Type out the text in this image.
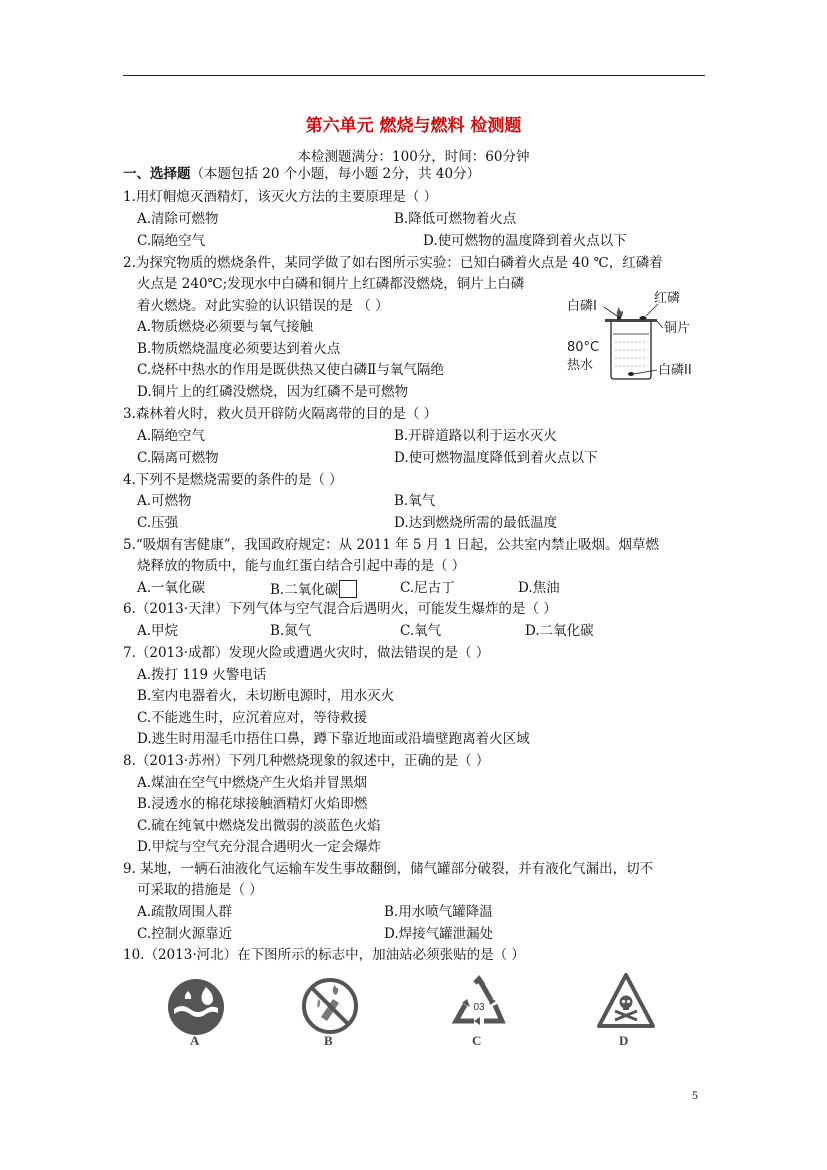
第六单元 燃烧与燃料 检测题
本检测题满分：100分，时间：60分钟
一、选择题（本题包括 20 个小题，每小题 2分，共 40分）
1.用灯帽熄灭酒精灯，该灭火方法的主要原理是（ ）
A.清除可燃物	B.降低可燃物着火点
C.隔绝空气	D.使可燃物的温度降到着火点以下
2.为探究物质的燃烧条件，某同学做了如右图所示实验：已知白磷着火点是 40 ℃，红磷着
火点是 240℃;发现水中白磷和铜片上红磷都没燃烧，铜片上白磷
着火燃烧。对此实验的认识错误的是 （ ）
A.物质燃烧必须要与氧气接触
B.物质燃烧温度必须要达到着火点
C.烧杯中热水的作用是既供热又使白磷Ⅱ与氧气隔绝
D.铜片上的红磷没燃烧，因为红磷不是可燃物
白磷Ⅰ
红磷
铜片
80°C
热水	白磷II
3.森林着火时，救火员开辟防火隔离带的目的是（ ）
A.隔绝空气	B.开辟道路以利于运水灭火
C.隔离可燃物	D.使可燃物温度降低到着火点以下
4.下列不是燃烧需要的条件的是（ ）
A.可燃物	B.氧气
C.压强	D.达到燃烧所需的最低温度
5.“吸烟有害健康”，我国政府规定：从 2011 年 5 月 1 日起，公共室内禁止吸烟。烟草燃
烧释放的物质中，能与血红蛋白结合引起中毒的是（ ）
A.一氧化碳	B.二氧化碳	C.尼古丁	D.焦油
6.（2013·天津）下列气体与空气混合后遇明火，可能发生爆炸的是（ ）
A.甲烷	B.氮气	C.氧气	D.二氧化碳
7.（2013·成都）发现火险或遭遇火灾时，做法错误的是（ ）
A.拨打 119 火警电话
B.室内电器着火，未切断电源时，用水灭火
C.不能逃生时，应沉着应对，等待救援
D.逃生时用湿毛巾捂住口鼻，蹲下靠近地面或沿墙壁跑离着火区域
8.（2013·苏州）下列几种燃烧现象的叙述中，正确的是（ ）
A.煤油在空气中燃烧产生火焰并冒黑烟
B.浸透水的棉花球接触酒精灯火焰即燃
C.硫在纯氧中燃烧发出微弱的淡蓝色火焰
D.甲烷与空气充分混合遇明火一定会爆炸
9. 某地，一辆石油液化气运输车发生事故翻倒，储气罐部分破裂，并有液化气漏出，切不
可采取的措施是（ ）
A.疏散周围人群	B.用水喷气罐降温
C.控制火源靠近	D.焊接气罐泄漏处
10.（2013·河北）在下图所示的标志中，加油站必须张贴的是（ ）
A	B
03
C	D
5
